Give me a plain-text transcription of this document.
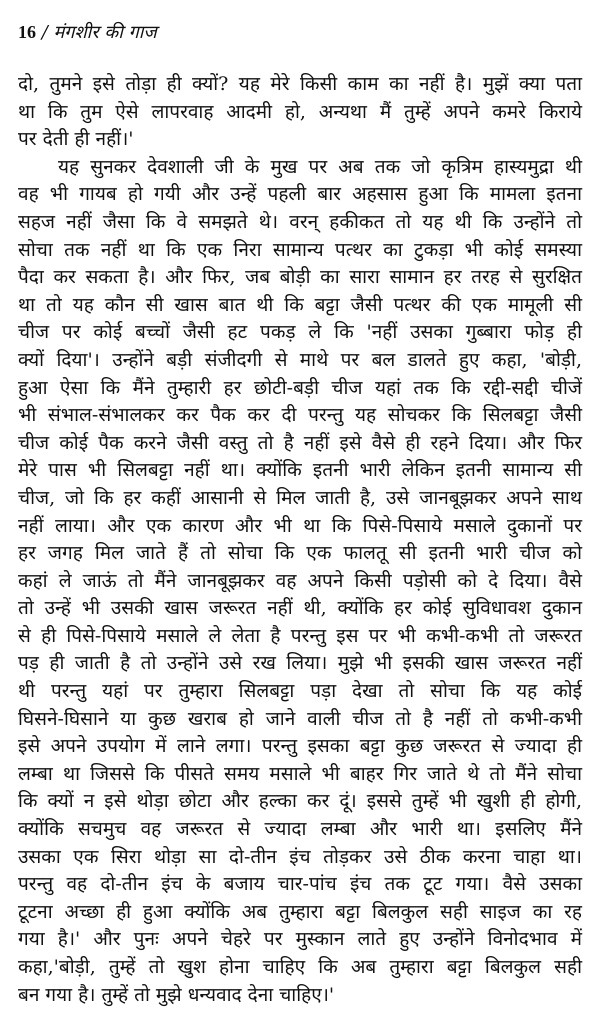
16 / मंगशीर की गाज
दो, तुमने इसे तोड़ा ही क्यों? यह मेरे किसी काम का नहीं है। मुझें क्या पता
था कि तुम ऐसे लापरवाह आदमी हो, अन्यथा मैं तुम्हें अपने कमरे किराये
पर देती ही नहीं।'
यह सुनकर देवशाली जी के मुख पर अब तक जो कृत्रिम हास्यमुद्रा थी
वह भी गायब हो गयी और उन्हें पहली बार अहसास हुआ कि मामला इतना
सहज नहीं जैसा कि वे समझते थे। वरन् हकीकत तो यह थी कि उन्होंने तो
सोचा तक नहीं था कि एक निरा सामान्य पत्थर का टुकड़ा भी कोई समस्या
पैदा कर सकता है। और फिर, जब बोड़ी का सारा सामान हर तरह से सुरक्षित
था तो यह कौन सी खास बात थी कि बट्टा जैसी पत्थर की एक मामूली सी
चीज पर कोई बच्चों जैसी हट पकड़ ले कि 'नहीं उसका गुब्बारा फोड़ ही
क्यों दिया'। उन्होंने बड़ी संजीदगी से माथे पर बल डालते हुए कहा, 'बोड़ी,
हुआ ऐसा कि मैंने तुम्हारी हर छोटी-बड़ी चीज यहां तक कि रद्दी-सद्दी चीजें
भी संभाल-संभालकर कर पैक कर दी परन्तु यह सोचकर कि सिलबट्टा जैसी
चीज कोई पैक करने जैसी वस्तु तो है नहीं इसे वैसे ही रहने दिया। और फिर
मेरे पास भी सिलबट्टा नहीं था। क्योंकि इतनी भारी लेकिन इतनी सामान्य सी
चीज, जो कि हर कहीं आसानी से मिल जाती है, उसे जानबूझकर अपने साथ
नहीं लाया। और एक कारण और भी था कि पिसे-पिसाये मसाले दुकानों पर
हर जगह मिल जाते हैं तो सोचा कि एक फालतू सी इतनी भारी चीज को
कहां ले जाऊं तो मैंने जानबूझकर वह अपने किसी पड़ोसी को दे दिया। वैसे
तो उन्हें भी उसकी खास जरूरत नहीं थी, क्योंकि हर कोई सुविधावश दुकान
से ही पिसे-पिसाये मसाले ले लेता है परन्तु इस पर भी कभी-कभी तो जरूरत
पड़ ही जाती है तो उन्होंने उसे रख लिया। मुझे भी इसकी खास जरूरत नहीं
थी परन्तु यहां पर तुम्हारा सिलबट्टा पड़ा देखा तो सोचा कि यह कोई
घिसने-घिसाने या कुछ खराब हो जाने वाली चीज तो है नहीं तो कभी-कभी
इसे अपने उपयोग में लाने लगा। परन्तु इसका बट्टा कुछ जरूरत से ज्यादा ही
लम्बा था जिससे कि पीसते समय मसाले भी बाहर गिर जाते थे तो मैंने सोचा
कि क्यों न इसे थोड़ा छोटा और हल्का कर दूं। इससे तुम्हें भी खुशी ही होगी,
क्योंकि सचमुच वह जरूरत से ज्यादा लम्बा और भारी था। इसलिए मैंने
उसका एक सिरा थोड़ा सा दो-तीन इंच तोड़कर उसे ठीक करना चाहा था।
परन्तु वह दो-तीन इंच के बजाय चार-पांच इंच तक टूट गया। वैसे उसका
टूटना अच्छा ही हुआ क्योंकि अब तुम्हारा बट्टा बिलकुल सही साइज का रह
गया है।' और पुनः अपने चेहरे पर मुस्कान लाते हुए उन्होंने विनोदभाव में
कहा,'बोड़ी, तुम्हें तो खुश होना चाहिए कि अब तुम्हारा बट्टा बिलकुल सही
बन गया है। तुम्हें तो मुझे धन्यवाद देना चाहिए।'
